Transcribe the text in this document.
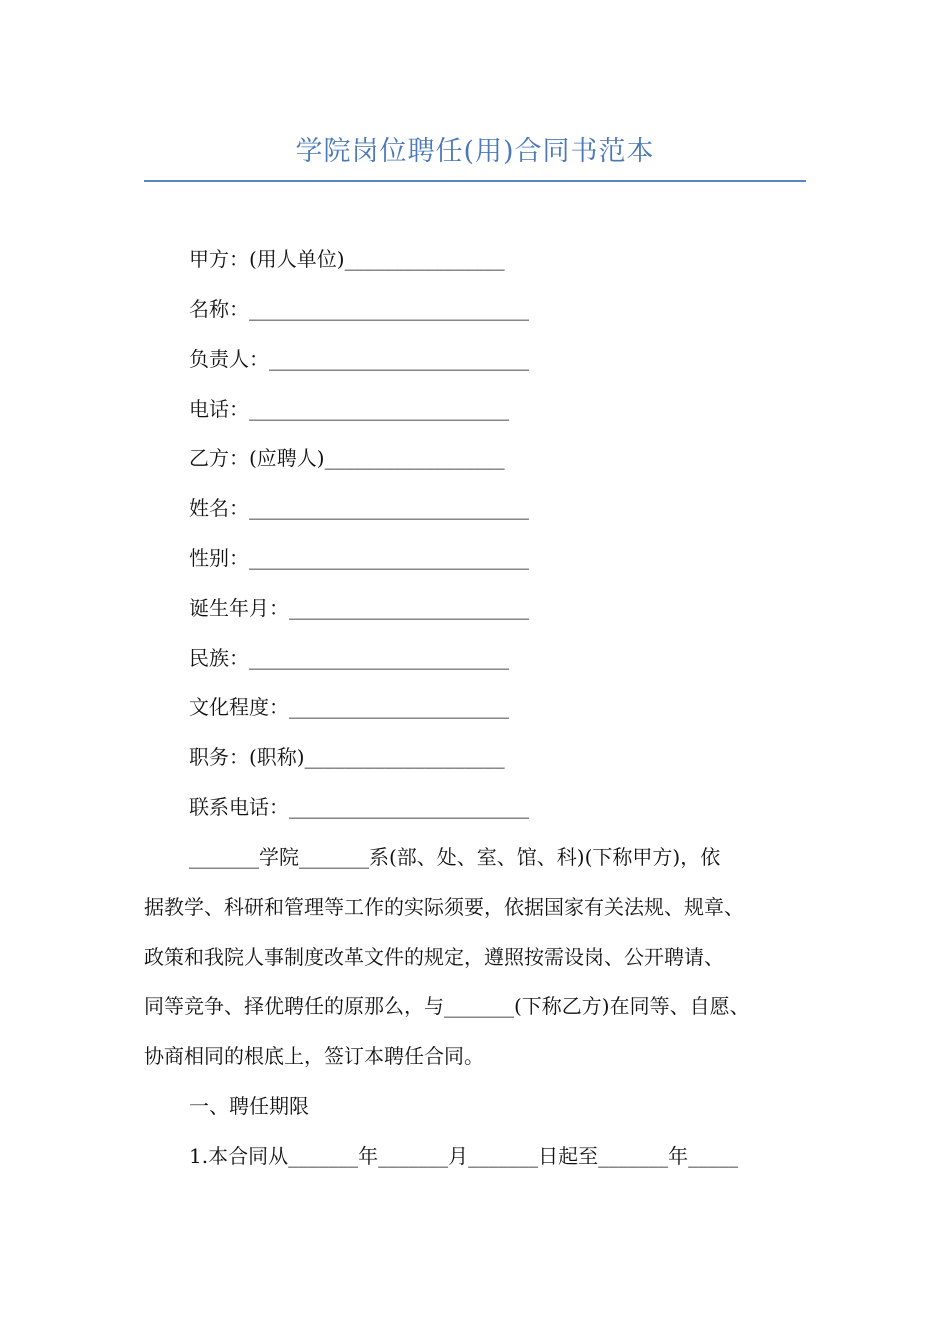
学院岗位聘任(用)合同书范本
甲方：(用人单位)________________
名称：____________________________
负责人：__________________________
电话：__________________________
乙方：(应聘人)__________________
姓名：____________________________
性别：____________________________
诞生年月：________________________
民族：__________________________
文化程度：______________________
职务：(职称)____________________
联系电话：________________________
_______学院_______系(部、处、室、馆、科)(下称甲方)，依
据教学、科研和管理等工作的实际须要，依据国家有关法规、规章、
政策和我院人事制度改革文件的规定，遵照按需设岗、公开聘请、
同等竞争、择优聘任的原那么，与_______(下称乙方)在同等、自愿、
协商相同的根底上，签订本聘任合同。
一、聘任期限
1.本合同从_______年_______月_______日起至_______年_____
